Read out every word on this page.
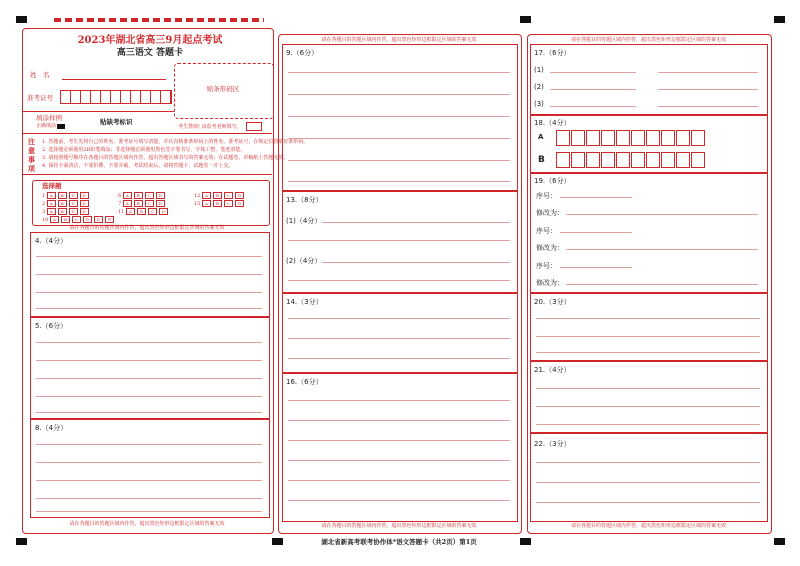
2023年湖北省高三9月起点考试
高三语文 答题卡
姓　名
准考证号
贴条形码区
填涂样例
正确填涂	贴缺考标识
考生禁填! 由监考老师填写。
注意事项
1. 答题前，考生先将自己的姓名、准考证号填写清楚，并认真核准条形码上的姓名、准考证号，在规定位置贴好条形码。
2. 选择题必须使用2B铅笔填涂；非选择题必须使用黑色签字笔书写，字体工整、笔迹清楚。
3. 请按照题号顺序在各题目的答题区域内作答，超出答题区域书写的答案无效；在试题卷、草稿纸上答题无效。
4. 保持卡面清洁，不要折叠、不要弄破，考试结束后，请将答题卡、试题卷一并上交。
选择题
1 A B C D
2 A B C D
3 A B C D
10 A B C D E F
6 A B C D
7 A B C D
11 A B C D
12 A B C D
15 A B C D
请在各题目的答题区域内作答，超出黑色矩形边框限定区域的答案无效
请在各题目的答题区域内作答，超出黑色矩形边框限定区域的答案无效
4.（4分）
5.（6分）
8.（4分）
请在各题目的答题区域内作答，超出黑色矩形边框限定区域的答案无效
请在各题目的答题区域内作答，超出黑色矩形边框限定区域的答案无效
9.（6分）
13.（8分）
(1)（4分）
(2)（4分）
14.（3分）
16.（6分）
湖北省新高考联考协作体*语文答题卡（共2页）第1页
请在各题目的答题区域内作答，超出黑色矩形边框限定区域的答案无效
请在各题目的答题区域内作答，超出黑色矩形边框限定区域的答案无效
17.（6分）
(1)
(2)
(3)
18.（4分）
A
B
19.（6分）
序号：
修改为：
序号：
修改为：
序号：
修改为：
20.（3分）
21.（4分）
22.（3分）
